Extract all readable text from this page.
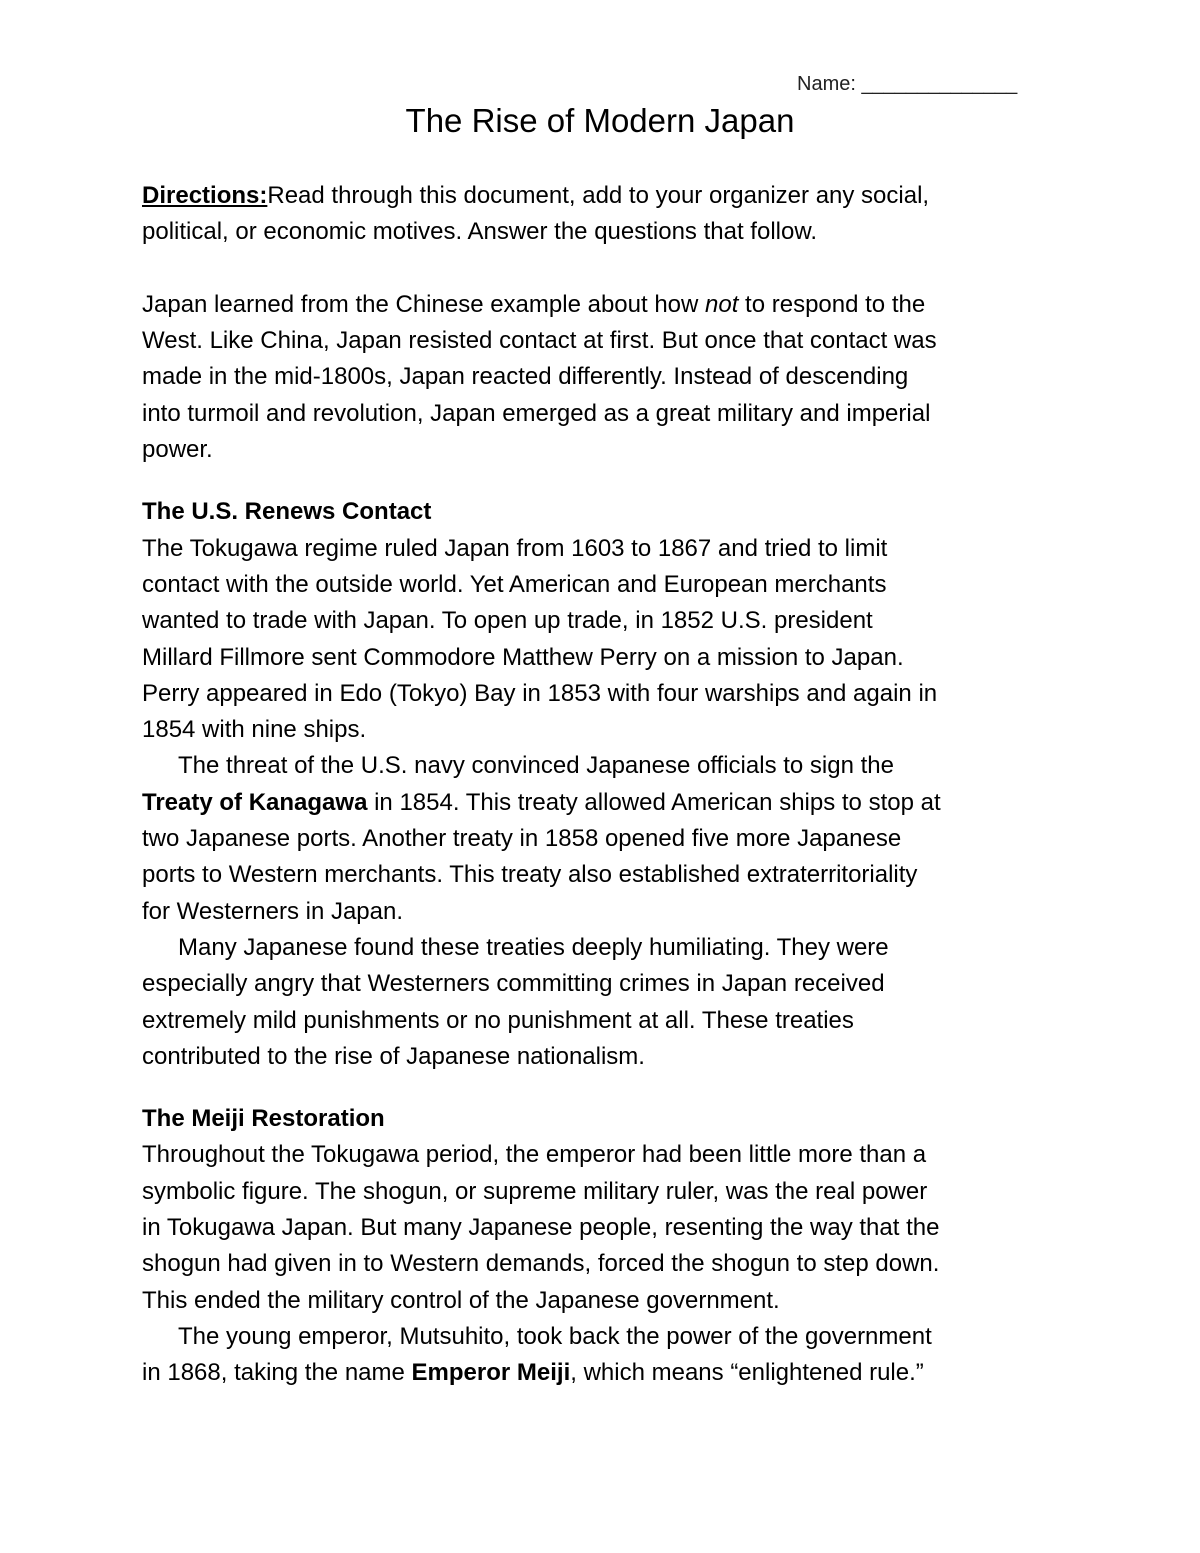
Name: ______________
The Rise of Modern Japan

Directions:Read through this document, add to your organizer any social,
political, or economic motives. Answer the questions that follow.

Japan learned from the Chinese example about how not to respond to the
West. Like China, Japan resisted contact at first. But once that contact was
made in the mid-1800s, Japan reacted differently. Instead of descending
into turmoil and revolution, Japan emerged as a great military and imperial
power.

The U.S. Renews Contact
The Tokugawa regime ruled Japan from 1603 to 1867 and tried to limit
contact with the outside world. Yet American and European merchants
wanted to trade with Japan. To open up trade, in 1852 U.S. president
Millard Fillmore sent Commodore Matthew Perry on a mission to Japan.
Perry appeared in Edo (Tokyo) Bay in 1853 with four warships and again in
1854 with nine ships.
The threat of the U.S. navy convinced Japanese officials to sign the
Treaty of Kanagawa in 1854. This treaty allowed American ships to stop at
two Japanese ports. Another treaty in 1858 opened five more Japanese
ports to Western merchants. This treaty also established extraterritoriality
for Westerners in Japan.
Many Japanese found these treaties deeply humiliating. They were
especially angry that Westerners committing crimes in Japan received
extremely mild punishments or no punishment at all. These treaties
contributed to the rise of Japanese nationalism.

The Meiji Restoration
Throughout the Tokugawa period, the emperor had been little more than a
symbolic figure. The shogun, or supreme military ruler, was the real power
in Tokugawa Japan. But many Japanese people, resenting the way that the
shogun had given in to Western demands, forced the shogun to step down.
This ended the military control of the Japanese government.
The young emperor, Mutsuhito, took back the power of the government
in 1868, taking the name Emperor Meiji, which means “enlightened rule.”
